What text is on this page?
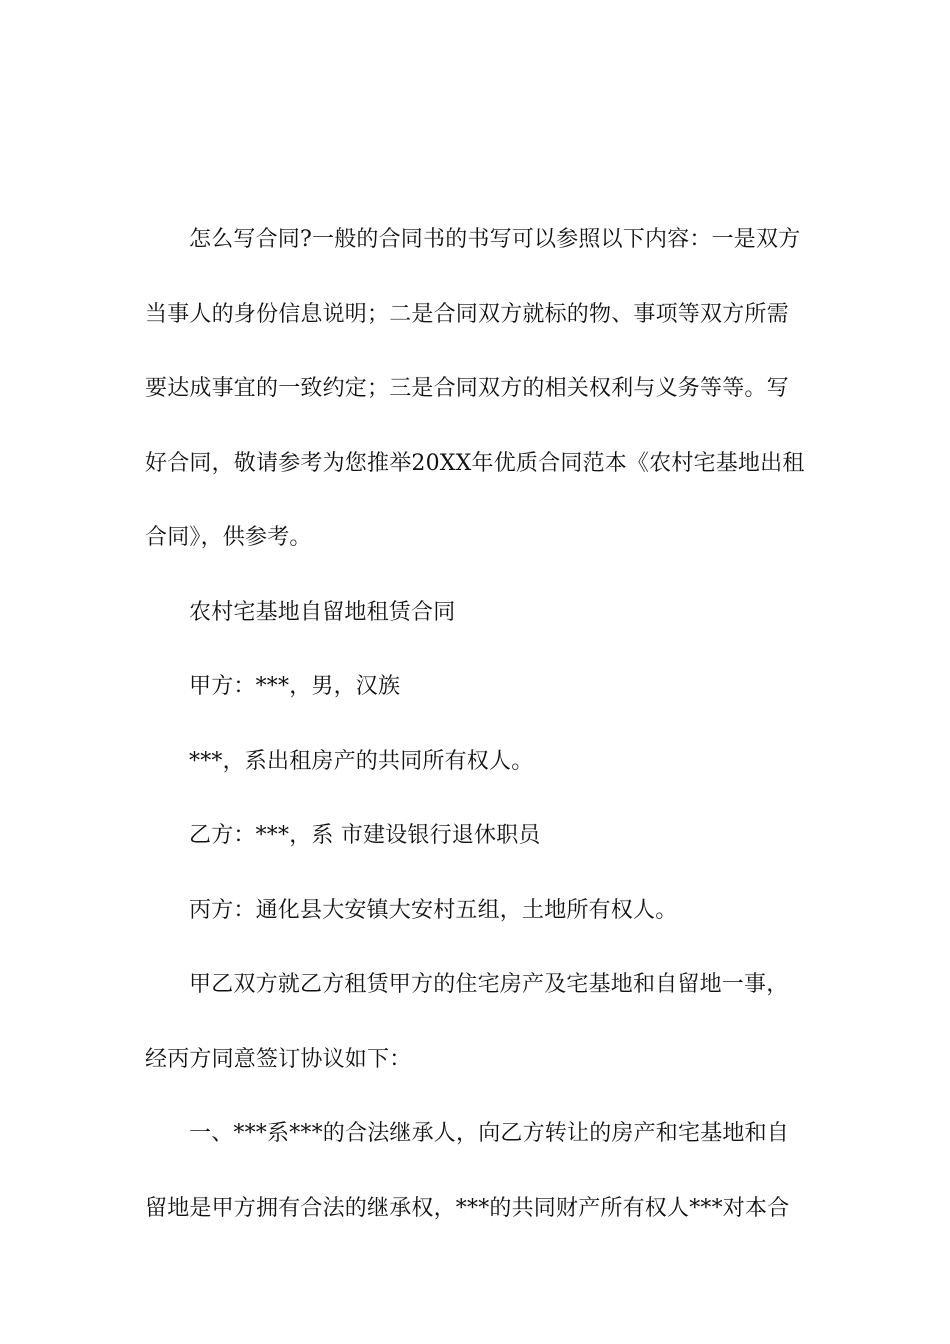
怎么写合同?一般的合同书的书写可以参照以下内容：一是双方当事人的身份信息说明；二是合同双方就标的物、事项等双方所需要达成事宜的一致约定；三是合同双方的相关权利与义务等等。写好合同，敬请参考为您推举20XX年优质合同范本《农村宅基地出租合同》，供参考。

农村宅基地自留地租赁合同

甲方：***，男，汉族

***，系出租房产的共同所有权人。

乙方：***，系 市建设银行退休职员

丙方：通化县大安镇大安村五组，土地所有权人。

甲乙双方就乙方租赁甲方的住宅房产及宅基地和自留地一事，经丙方同意签订协议如下：

一、***系***的合法继承人，向乙方转让的房产和宅基地和自留地是甲方拥有合法的继承权，***的共同财产所有权人***对本合
